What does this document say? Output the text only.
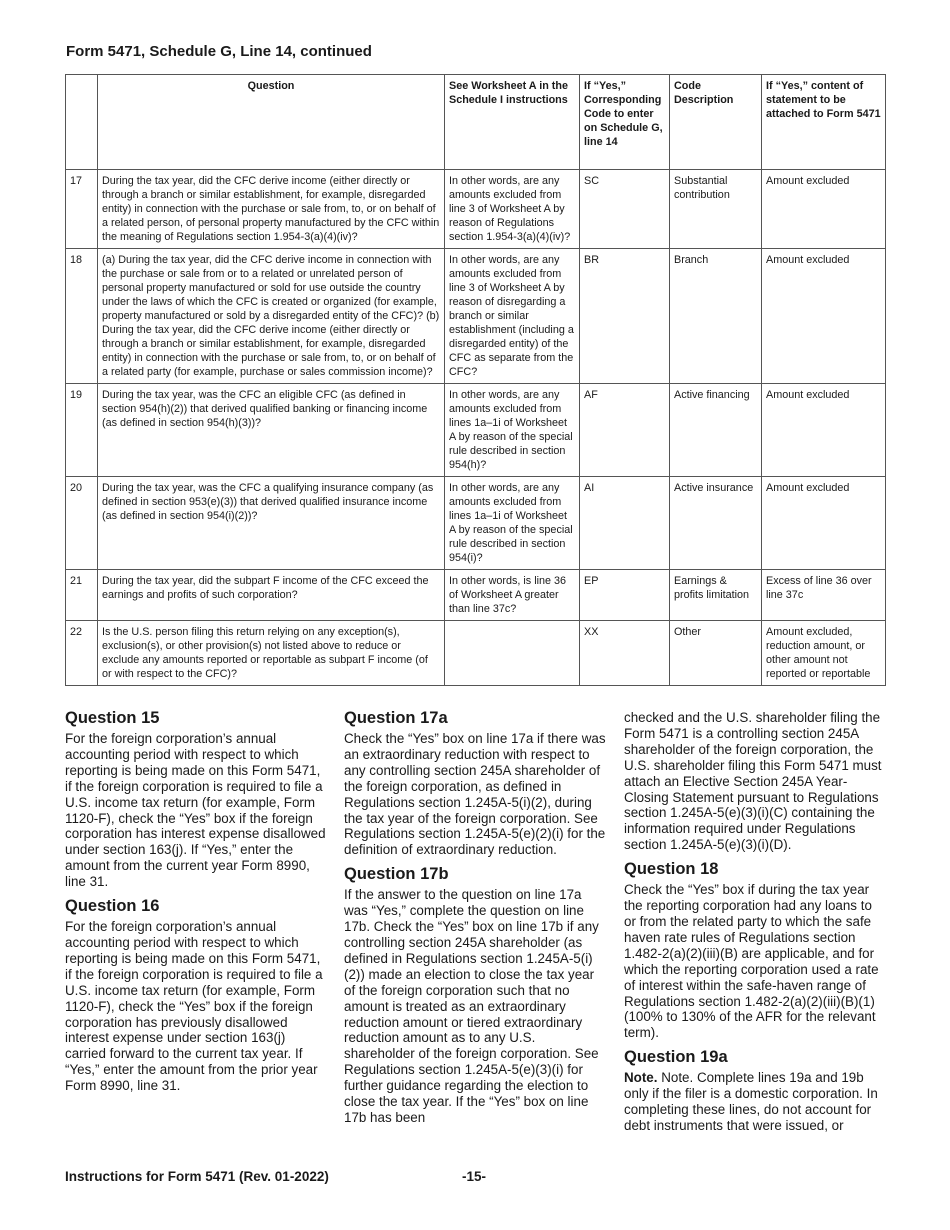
Form 5471, Schedule G, Line 14, continued
	Question	See Worksheet A in the Schedule I instructions	If “Yes,” Corresponding Code to enter on Schedule G, line 14	Code Description	If “Yes,” content of statement to be attached to Form 5471
17	During the tax year, did the CFC derive income (either directly or through a branch or similar establishment, for example, disregarded entity) in connection with the purchase or sale from, to, or on behalf of a related person, of personal property manufactured by the CFC within the meaning of Regulations section 1.954-3(a)(4)(iv)?	In other words, are any amounts excluded from line 3 of Worksheet A by reason of Regulations section 1.954-3(a)(4)(iv)?	SC	Substantial contribution	Amount excluded
18	(a) During the tax year, did the CFC derive income in connection with the purchase or sale from or to a related or unrelated person of personal property manufactured or sold for use outside the country under the laws of which the CFC is created or organized (for example, property manufactured or sold by a disregarded entity of the CFC)? (b) During the tax year, did the CFC derive income (either directly or through a branch or similar establishment, for example, disregarded entity) in connection with the purchase or sale from, to, or on behalf of a related party (for example, purchase or sales commission income)?	In other words, are any amounts excluded from line 3 of Worksheet A by reason of disregarding a branch or similar establishment (including a disregarded entity) of the CFC as separate from the CFC?	BR	Branch	Amount excluded
19	During the tax year, was the CFC an eligible CFC (as defined in section 954(h)(2)) that derived qualified banking or financing income (as defined in section 954(h)(3))?	In other words, are any amounts excluded from lines 1a–1i of Worksheet A by reason of the special rule described in section 954(h)?	AF	Active financing	Amount excluded
20	During the tax year, was the CFC a qualifying insurance company (as defined in section 953(e)(3)) that derived qualified insurance income (as defined in section 954(i)(2))?	In other words, are any amounts excluded from lines 1a–1i of Worksheet A by reason of the special rule described in section 954(i)?	AI	Active insurance	Amount excluded
21	During the tax year, did the subpart F income of the CFC exceed the earnings and profits of such corporation?	In other words, is line 36 of Worksheet A greater than line 37c?	EP	Earnings & profits limitation	Excess of line 36 over line 37c
22	Is the U.S. person filing this return relying on any exception(s), exclusion(s), or other provision(s) not listed above to reduce or exclude any amounts reported or reportable as subpart F income (of or with respect to the CFC)?		XX	Other	Amount excluded, reduction amount, or other amount not reported or reportable
Question 15

For the foreign corporation’s annual accounting period with respect to which reporting is being made on this Form 5471, if the foreign corporation is required to file a U.S. income tax return (for example, Form 1120-F), check the “Yes” box if the foreign corporation has interest expense disallowed under section 163(j). If “Yes,” enter the amount from the current year Form 8990, line 31.

Question 16

For the foreign corporation’s annual accounting period with respect to which reporting is being made on this Form 5471, if the foreign corporation is required to file a U.S. income tax return (for example, Form 1120-F), check the “Yes” box if the foreign corporation has previously disallowed interest expense under section 163(j) carried forward to the current tax year. If “Yes,” enter the amount from the prior year Form 8990, line 31.

Question 17a

Check the “Yes” box on line 17a if there was an extraordinary reduction with respect to any controlling section 245A shareholder of the foreign corporation, as defined in Regulations section 1.245A-5(i)(2), during the tax year of the foreign corporation. See Regulations section 1.245A-5(e)(2)(i) for the definition of extraordinary reduction.

Question 17b

If the answer to the question on line 17a was “Yes,” complete the question on line 17b. Check the “Yes” box on line 17b if any controlling section 245A shareholder (as defined in Regulations section 1.245A-5(i)(2)) made an election to close the tax year of the foreign corporation such that no amount is treated as an extraordinary reduction amount or tiered extraordinary reduction amount as to any U.S. shareholder of the foreign corporation. See Regulations section 1.245A-5(e)(3)(i) for further guidance regarding the election to close the tax year. If the “Yes” box on line 17b has been

checked and the U.S. shareholder filing the Form 5471 is a controlling section 245A shareholder of the foreign corporation, the U.S. shareholder filing this Form 5471 must attach an Elective Section 245A Year-Closing Statement pursuant to Regulations section 1.245A-5(e)(3)(i)(C) containing the information required under Regulations section 1.245A-5(e)(3)(i)(D).

Question 18

Check the “Yes” box if during the tax year the reporting corporation had any loans to or from the related party to which the safe haven rate rules of Regulations section 1.482-2(a)(2)(iii)(B) are applicable, and for which the reporting corporation used a rate of interest within the safe-haven range of Regulations section 1.482-2(a)(2)(iii)(B)(1) (100% to 130% of the AFR for the relevant term).

Question 19a

Note. Note. Complete lines 19a and 19b only if the filer is a domestic corporation. In completing these lines, do not account for debt instruments that were issued, or

Instructions for Form 5471 (Rev. 01-2022)	-15-
